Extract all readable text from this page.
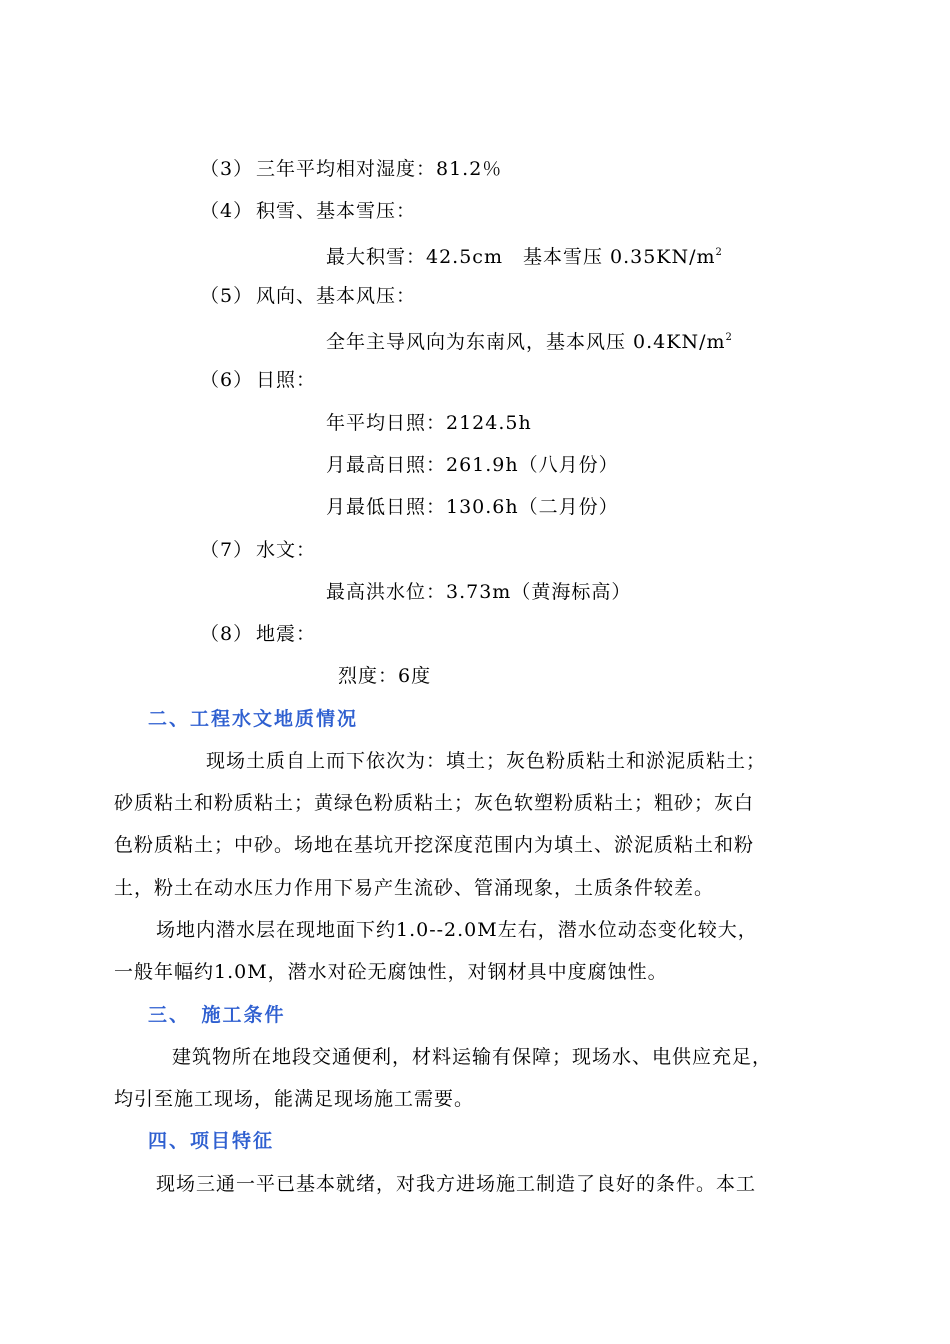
（3） 三年平均相对湿度：81.2％
（4） 积雪、基本雪压：
最大积雪：42.5cm　基本雪压 $0.35KN/m^2$
（5） 风向、基本风压：
全年主导风向为东南风，基本风压 $0.4KN/m^2$
（6） 日照：
年平均日照：2124.5h
月最高日照：261.9h（八月份）
月最低日照：130.6h（二月份）
（7） 水文：
最高洪水位：3.73m（黄海标高）
（8） 地震：
烈度：6度
二、工程水文地质情况
现场土质自上而下依次为：填土；灰色粉质粘土和淤泥质粘土；
砂质粘土和粉质粘土；黄绿色粉质粘土；灰色软塑粉质粘土；粗砂；灰白
色粉质粘土；中砂。场地在基坑开挖深度范围内为填土、淤泥质粘土和粉
土，粉土在动水压力作用下易产生流砂、管涌现象，土质条件较差。
场地内潜水层在现地面下约1.0--2.0M左右，潜水位动态变化较大，
一般年幅约1.0M，潜水对砼无腐蚀性，对钢材具中度腐蚀性。
三、　施工条件
建筑物所在地段交通便利，材料运输有保障；现场水、电供应充足，
均引至施工现场，能满足现场施工需要。
四、项目特征
现场三通一平已基本就绪，对我方进场施工制造了良好的条件。本工
